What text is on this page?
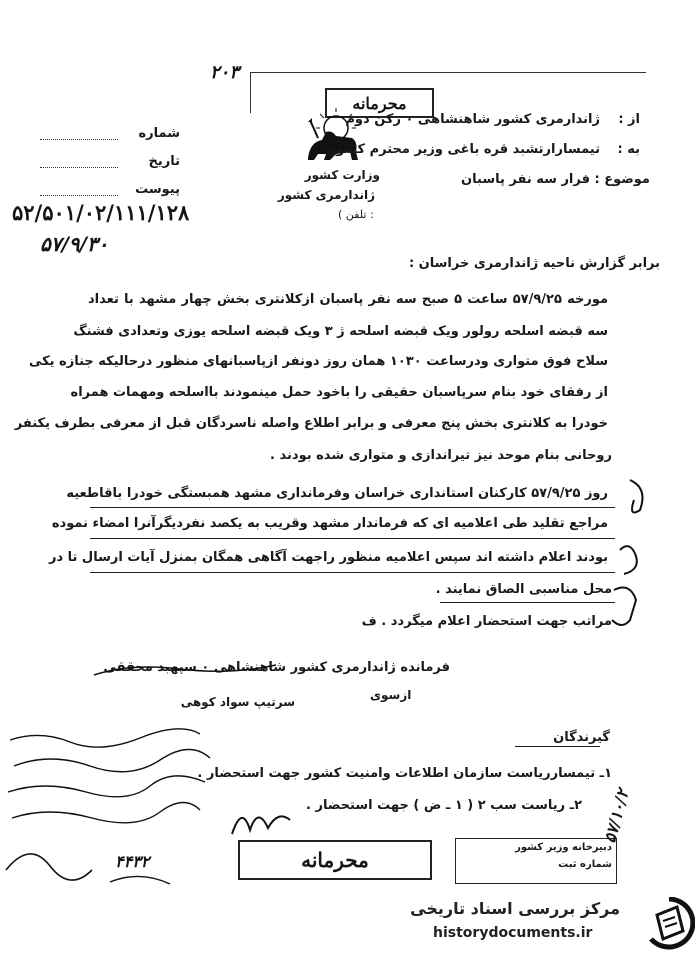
۲۰۳
محرمانه
وزارت کشور
ژاندارمری کشور
( تلفن :
از :
ژاندارمری کشور شاهنشاهی ۰ رکن دوم
به :
تیمسارارتشبد قره باغی وزیر محترم کشور
موضوع :
فرار سه نفر پاسبان
شماره
تاریخ
پیوست
۵۲/۵۰۱/۰۲/۱۱۱/۱۲۸
۵۷/۹/۳۰
برابر گزارش ناحیه ژاندارمری خراسان :
مورخه ۵۷/۹/۲۵ ساعت ۵ صبح سه نفر پاسبان ازکلانتری بخش چهار مشهد با تعداد
سه قبضه اسلحه رولور ویک قبضه اسلحه ژ ۳ ویک قبضه اسلحه یوزی وتعدادی فشنگ
سلاح فوق متواری ودرساعت ۱۰۳۰ همان روز دونفر ازپاسبانهای منظور درحالیکه جنازه یکی
از رفقای خود بنام سرپاسبان حقیقی را باخود حمل مینمودند بااسلحه ومهمات همراه
خودرا به کلانتری بخش پنج معرفی و برابر اطلاع واصله ناسردگان قبل از معرفی بطرف یکنفر
روحانی بنام موحد نیز تیراندازی و متواری شده بودند .
روز ۵۷/۹/۲۵ کارکنان استانداری خراسان وفرمانداری مشهد همبستگی خودرا باقاطعیه
مراجع تقلید طی اعلامیه ای که فرماندار مشهد وقریب به یکصد نفردیگرآنرا امضاء نموده
بودند اعلام داشته اند سپس اعلامیه منظور راجهت آگاهی همگان بمنزل آیات ارسال تا در
محل مناسبی الصاق نمایند .
مراتب جهت استحضار اعلام میگردد . ف
فرمانده ژاندارمری کشور شاهنشاهی ۰ سپهبد محققی
ازسوی
سرتیپ سواد کوهی
گیرندگان
۱ـ تیمسارریاست سازمان اطلاعات وامنیت کشور جهت استحضار .
۲ـ ریاست سب ۲ ( ۱ ـ ض ) جهت استحضار .
۴۴۳۲	محرمانه
دبیرخانه وزیر کشور
شماره ثبت
۵۷/۱۰/۲
مرکز بررسی اسناد تاریخی
historydocuments.ir
